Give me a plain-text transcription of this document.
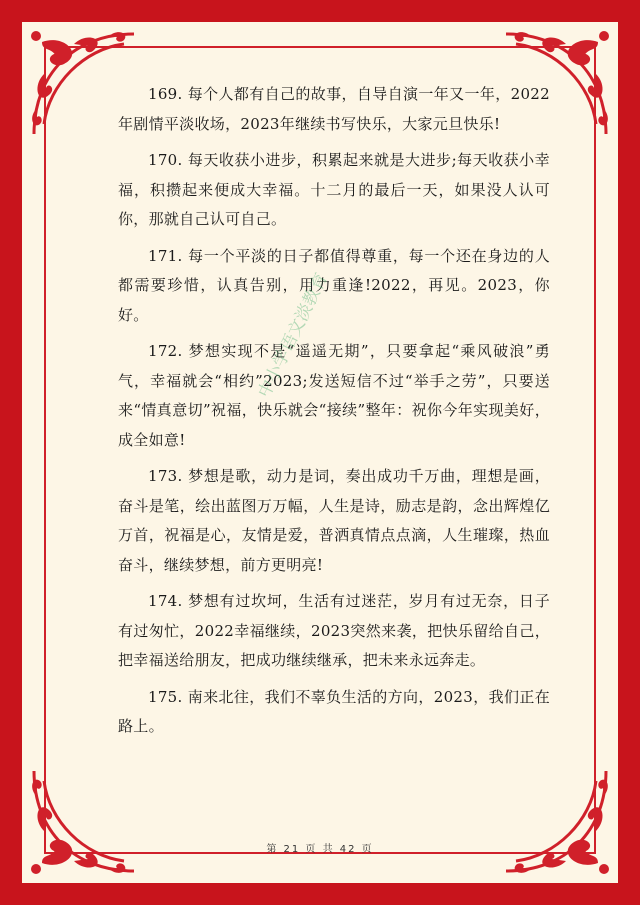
169. 每个人都有自己的故事，自导自演一年又一年，2022年剧情平淡收场，2023年继续书写快乐，大家元旦快乐!

170. 每天收获小进步，积累起来就是大进步;每天收获小幸福，积攒起来便成大幸福。十二月的最后一天，如果没人认可你，那就自己认可自己。

171. 每一个平淡的日子都值得尊重，每一个还在身边的人都需要珍惜，认真告别，用力重逢!2022，再见。2023，你好。

172. 梦想实现不是“遥遥无期”，只要拿起“乘风破浪”勇气，幸福就会“相约”2023;发送短信不过“举手之劳”，只要送来“情真意切”祝福，快乐就会“接续”整年：祝你今年实现美好，成全如意!

173. 梦想是歌，动力是词，奏出成功千万曲，理想是画，奋斗是笔，绘出蓝图万万幅，人生是诗，励志是韵，念出辉煌亿万首，祝福是心，友情是爱，普洒真情点点滴，人生璀璨，热血奋斗，继续梦想，前方更明亮!

174. 梦想有过坎坷，生活有过迷茫，岁月有过无奈，日子有过匆忙，2022幸福继续，2023突然来袭，把快乐留给自己，把幸福送给朋友，把成功继续继承，把未来永远奔走。

175. 南来北往，我们不辜负生活的方向，2023，我们正在路上。

中小学语文淡教育
第 21 页 共 42 页
